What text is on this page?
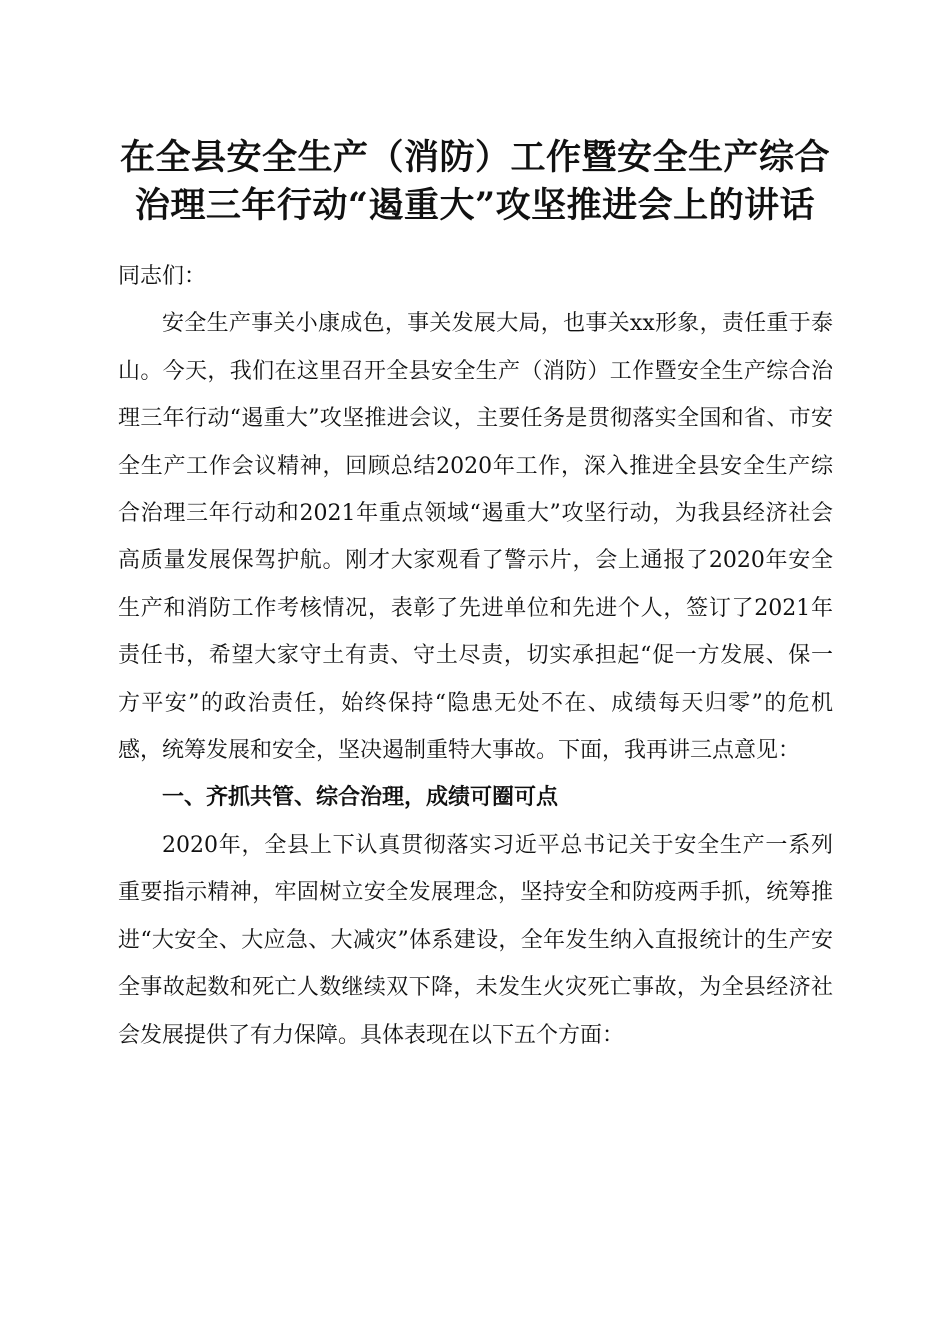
在全县安全生产（消防）工作暨安全生产综合治理三年行动“遏重大”攻坚推进会上的讲话

同志们：

安全生产事关小康成色，事关发展大局，也事关xx形象，责任重于泰山。今天，我们在这里召开全县安全生产（消防）工作暨安全生产综合治理三年行动“遏重大”攻坚推进会议，主要任务是贯彻落实全国和省、市安全生产工作会议精神，回顾总结2020年工作，深入推进全县安全生产综合治理三年行动和2021年重点领域“遏重大”攻坚行动，为我县经济社会高质量发展保驾护航。刚才大家观看了警示片，会上通报了2020年安全生产和消防工作考核情况，表彰了先进单位和先进个人，签订了2021年责任书，希望大家守土有责、守土尽责，切实承担起“促一方发展、保一方平安”的政治责任，始终保持“隐患无处不在、成绩每天归零”的危机感，统筹发展和安全，坚决遏制重特大事故。下面，我再讲三点意见：

一、齐抓共管、综合治理，成绩可圈可点

2020年，全县上下认真贯彻落实习近平总书记关于安全生产一系列重要指示精神，牢固树立安全发展理念，坚持安全和防疫两手抓，统筹推进“大安全、大应急、大减灾”体系建设，全年发生纳入直报统计的生产安全事故起数和死亡人数继续双下降，未发生火灾死亡事故，为全县经济社会发展提供了有力保障。具体表现在以下五个方面：
